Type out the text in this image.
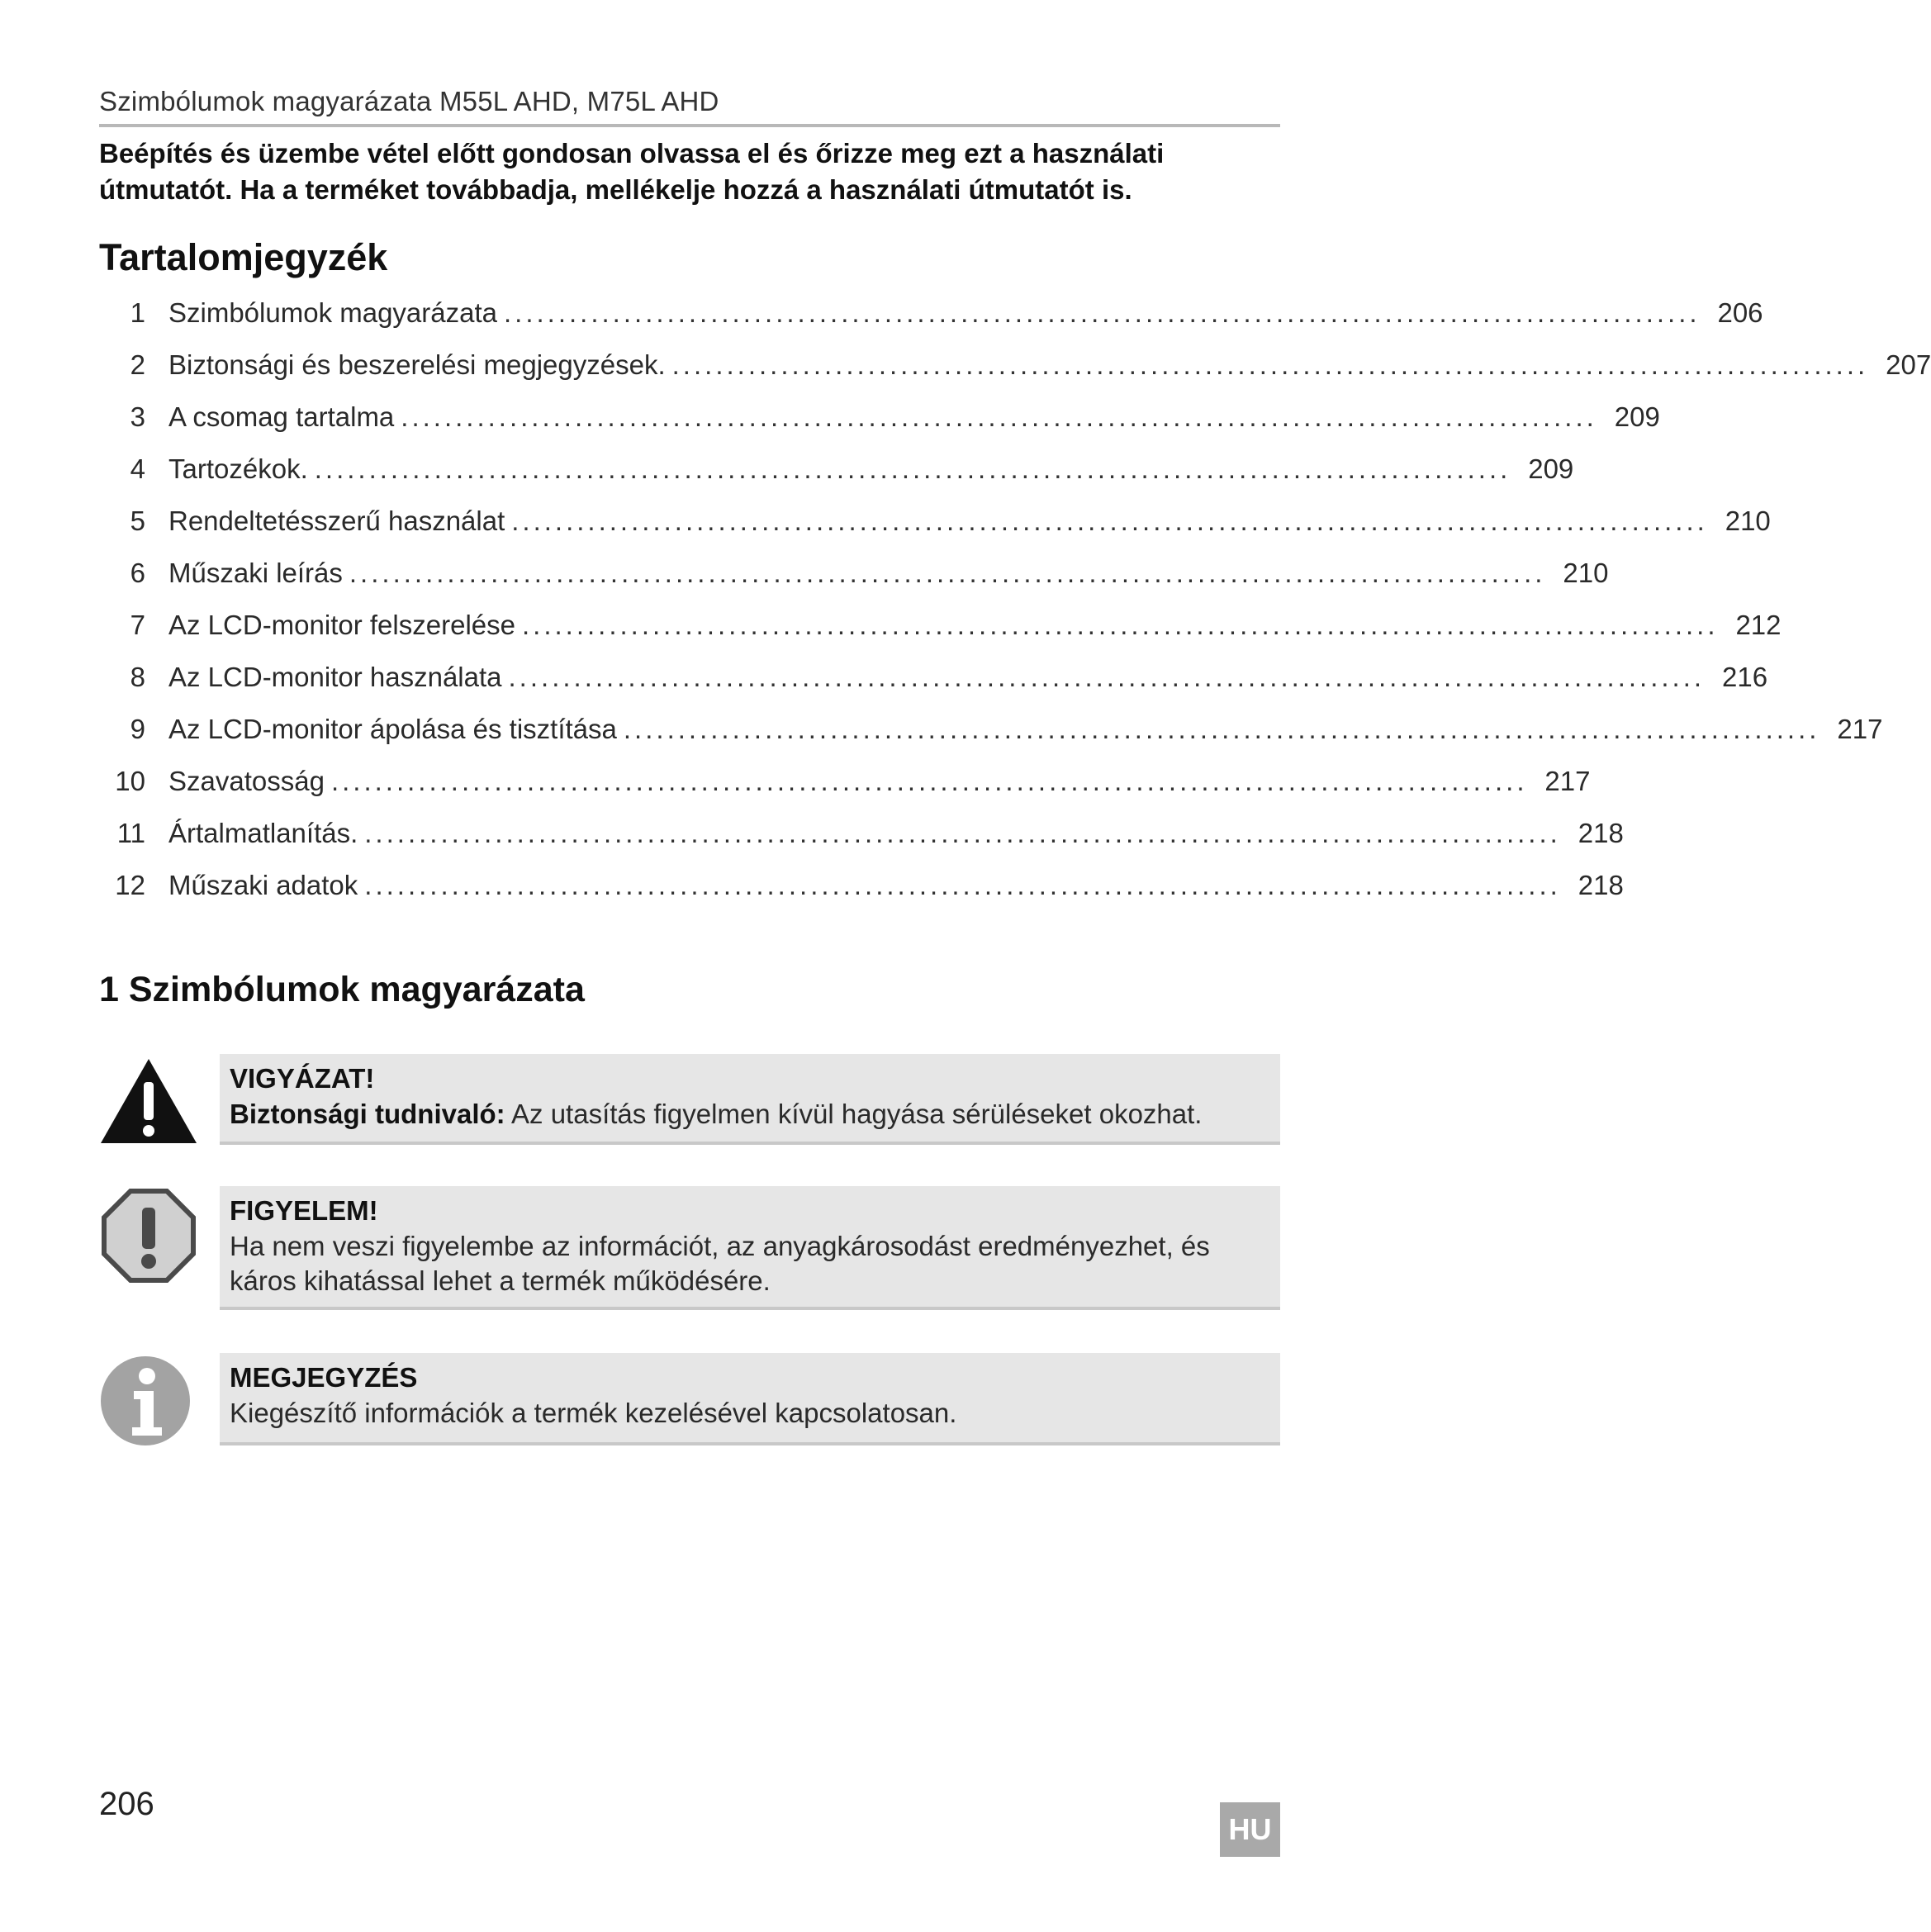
Szimbólumok magyarázata M55L AHD, M75L AHD
Beépítés és üzembe vétel előtt gondosan olvassa el és őrizze meg ezt a használati útmutatót. Ha a terméket továbbadja, mellékelje hozzá a használati útmutatót is.
Tartalomjegyzék
1 Szimbólumok magyarázata .............................................................................................................. 206
2 Biztonsági és beszerelési megjegyzések. .............................................................................................................. 207
3 A csomag tartalma .............................................................................................................. 209
4 Tartozékok. .............................................................................................................. 209
5 Rendeltetésszerű használat .............................................................................................................. 210
6 Műszaki leírás .............................................................................................................. 210
7 Az LCD-monitor felszerelése .............................................................................................................. 212
8 Az LCD-monitor használata .............................................................................................................. 216
9 Az LCD-monitor ápolása és tisztítása .............................................................................................................. 217
10 Szavatosság .............................................................................................................. 217
11 Ártalmatlanítás. .............................................................................................................. 218
12 Műszaki adatok .............................................................................................................. 218
1 Szimbólumok magyarázata
VIGYÁZAT!
Biztonsági tudnivaló: Az utasítás figyelmen kívül hagyása sérüléseket okozhat.
FIGYELEM!
Ha nem veszi figyelembe az információt, az anyagkárosodást eredményezhet, és káros kihatással lehet a termék működésére.
MEGJEGYZÉS
Kiegészítő információk a termék kezelésével kapcsolatosan.
206
HU
